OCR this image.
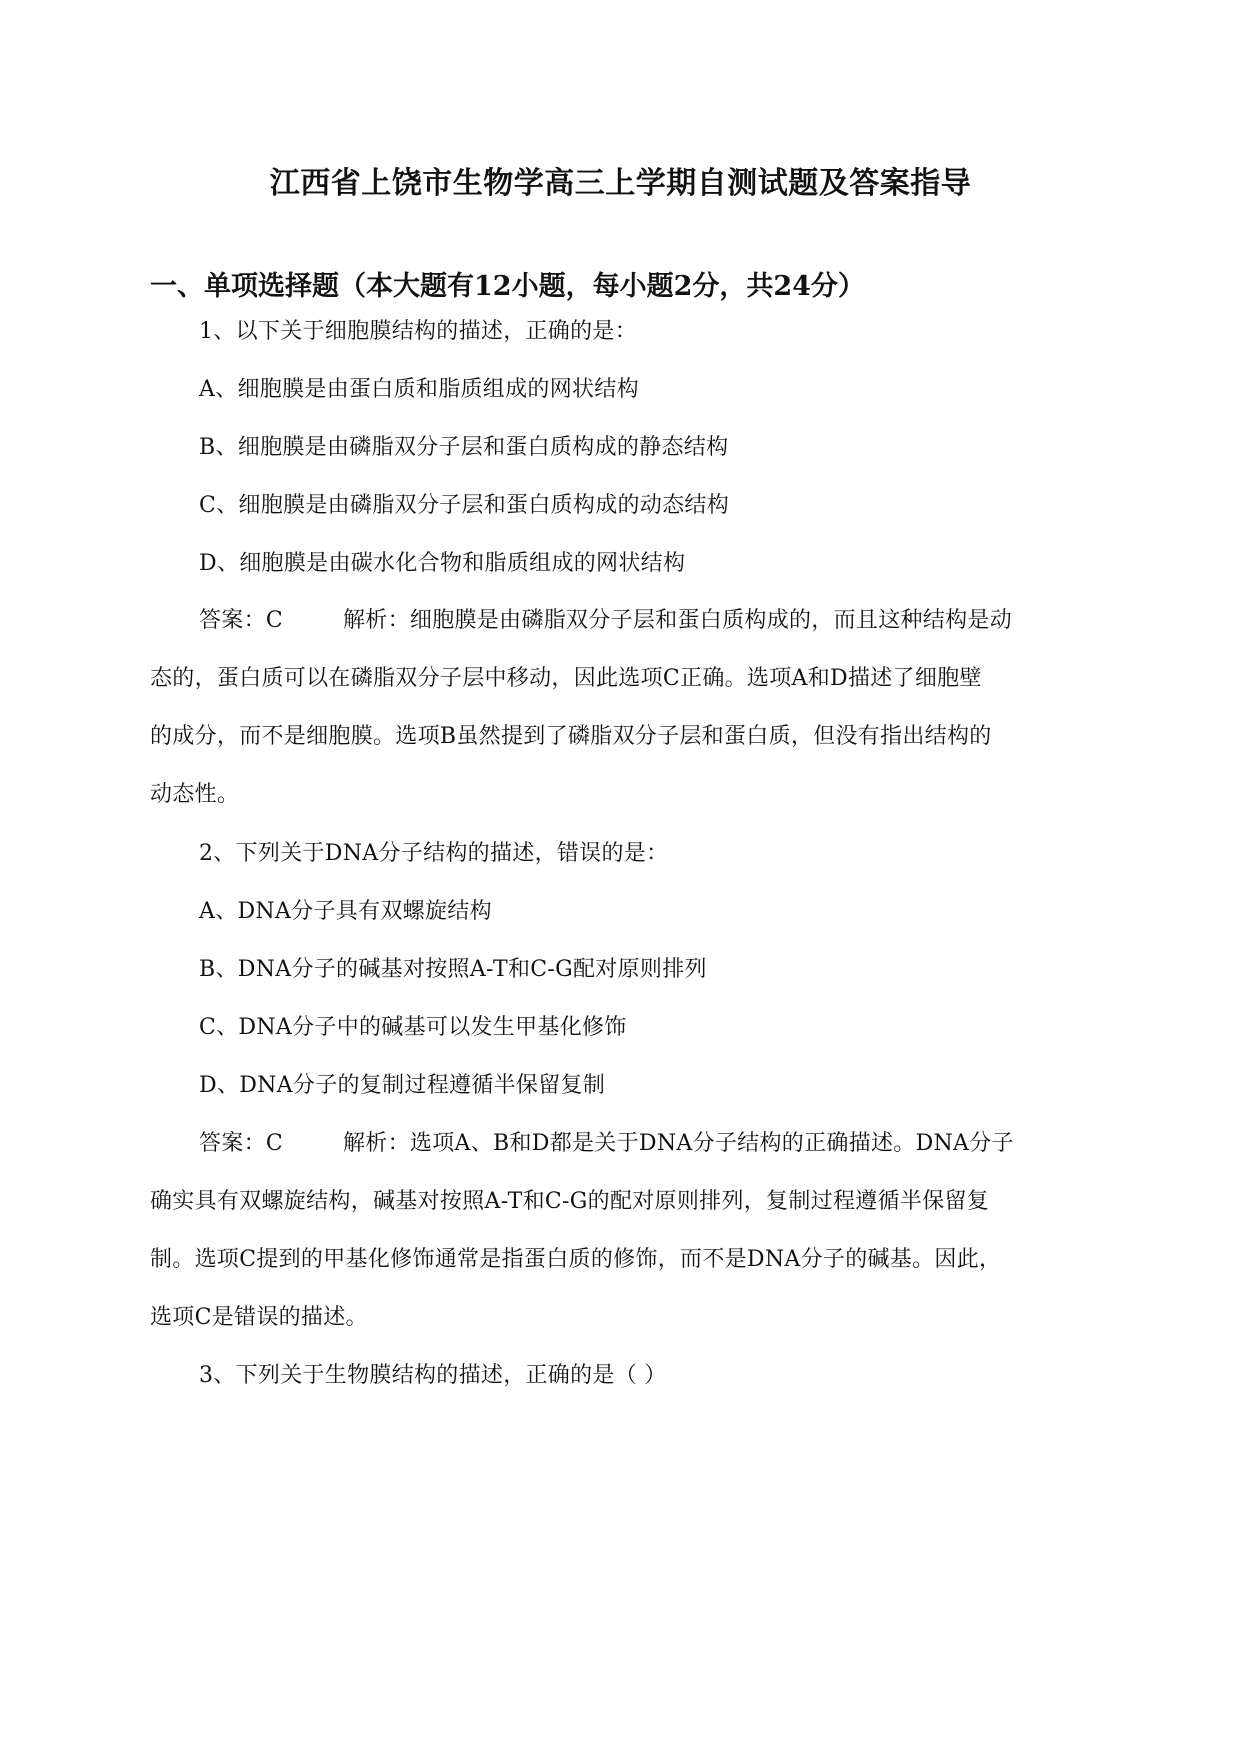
江西省上饶市生物学高三上学期自测试题及答案指导
一、单项选择题（本大题有12小题，每小题2分，共24分）
1、以下关于细胞膜结构的描述，正确的是：
A、细胞膜是由蛋白质和脂质组成的网状结构
B、细胞膜是由磷脂双分子层和蛋白质构成的静态结构
C、细胞膜是由磷脂双分子层和蛋白质构成的动态结构
D、细胞膜是由碳水化合物和脂质组成的网状结构
答案：C	解析：细胞膜是由磷脂双分子层和蛋白质构成的，而且这种结构是动
态的，蛋白质可以在磷脂双分子层中移动，因此选项C正确。选项A和D描述了细胞壁
的成分，而不是细胞膜。选项B虽然提到了磷脂双分子层和蛋白质，但没有指出结构的
动态性。
2、下列关于DNA分子结构的描述，错误的是：
A、DNA分子具有双螺旋结构
B、DNA分子的碱基对按照A-T和C-G配对原则排列
C、DNA分子中的碱基可以发生甲基化修饰
D、DNA分子的复制过程遵循半保留复制
答案：C	解析：选项A、B和D都是关于DNA分子结构的正确描述。DNA分子
确实具有双螺旋结构，碱基对按照A-T和C-G的配对原则排列，复制过程遵循半保留复
制。选项C提到的甲基化修饰通常是指蛋白质的修饰，而不是DNA分子的碱基。因此，
选项C是错误的描述。
3、下列关于生物膜结构的描述，正确的是（ ）
